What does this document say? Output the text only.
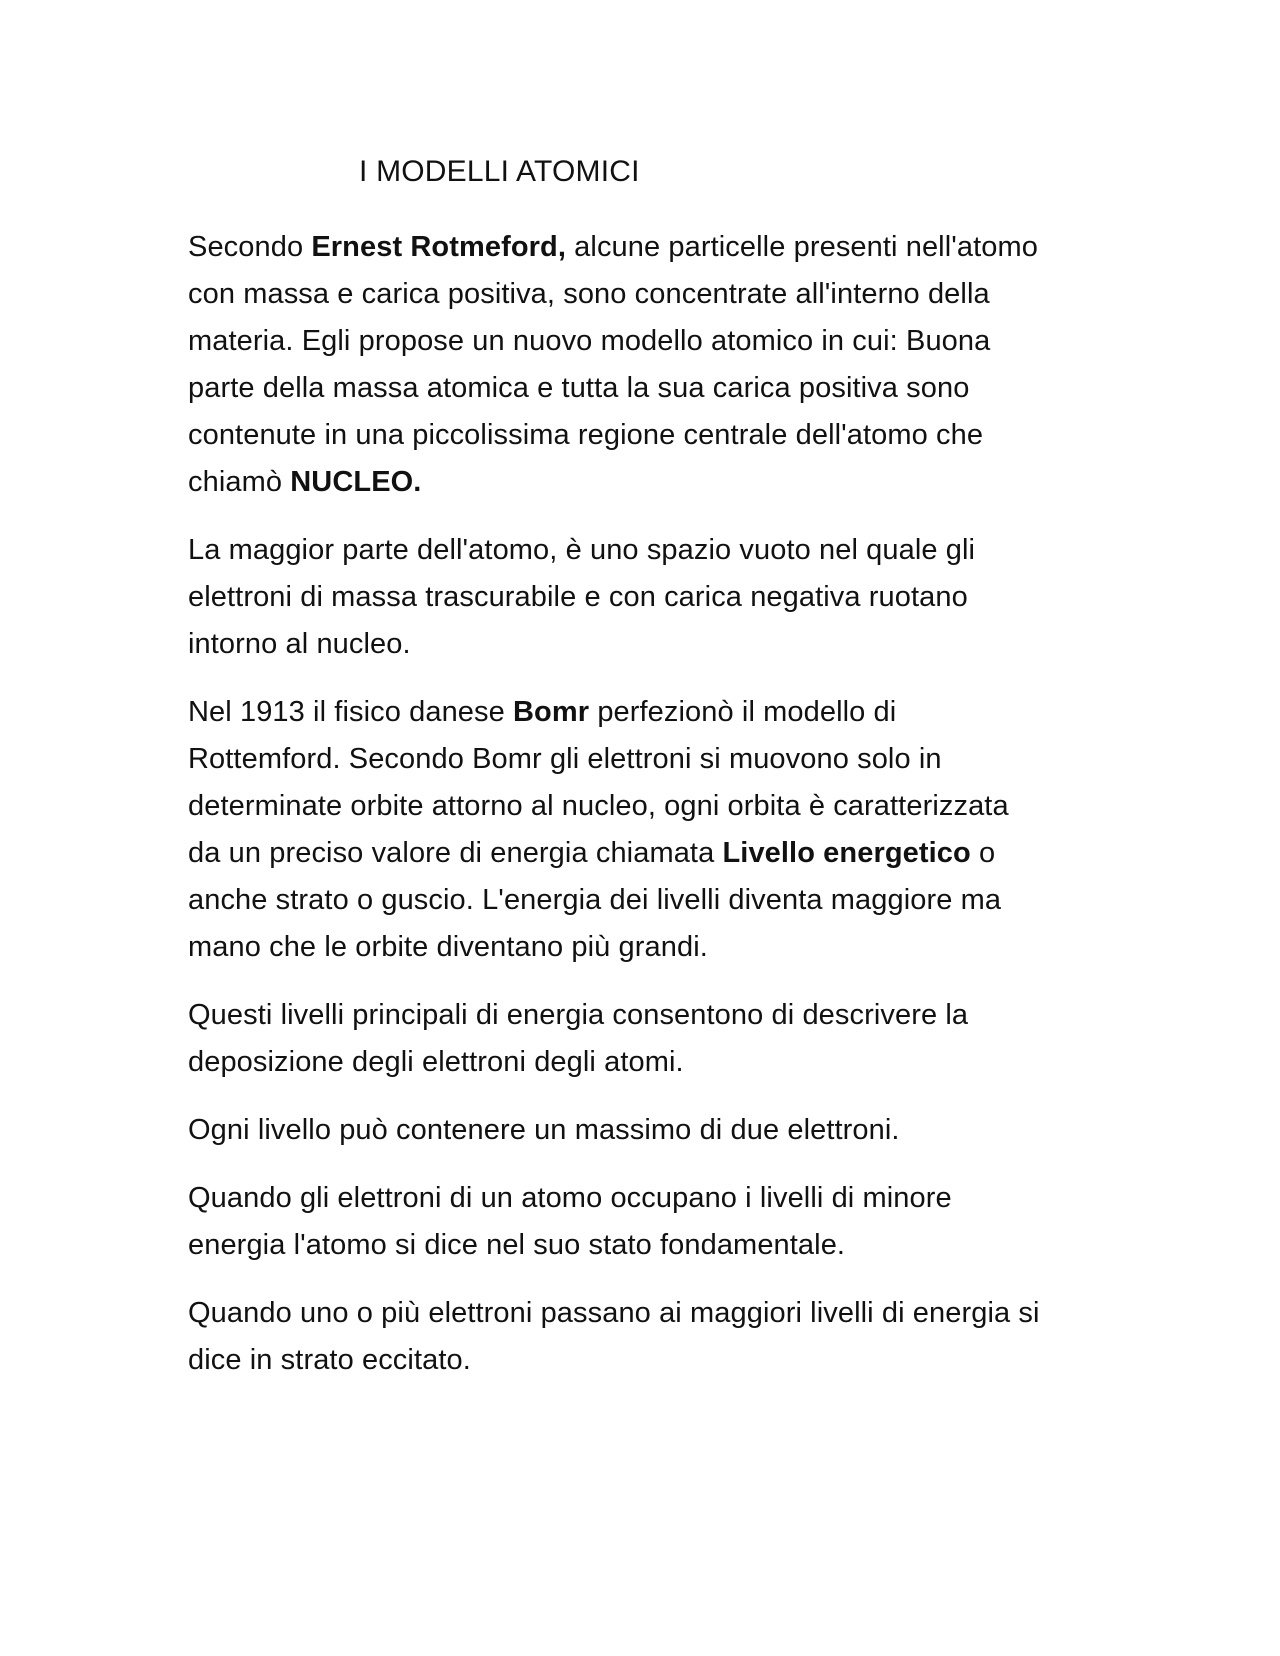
I MODELLI ATOMICI

Secondo Ernest Rotmeford, alcune particelle presenti nell'atomo
con massa e carica positiva, sono concentrate all'interno della
materia. Egli propose un nuovo modello atomico in cui: Buona
parte della massa atomica e tutta la sua carica positiva sono
contenute in una piccolissima regione centrale dell'atomo che
chiamò NUCLEO.

La maggior parte dell'atomo, è uno spazio vuoto nel quale gli
elettroni di massa trascurabile e con carica negativa ruotano
intorno al nucleo.

Nel 1913 il fisico danese Bomr perfezionò il modello di
Rottemford. Secondo Bomr gli elettroni si muovono solo in
determinate orbite attorno al nucleo, ogni orbita è caratterizzata
da un preciso valore di energia chiamata Livello energetico o
anche strato o guscio. L'energia dei livelli diventa maggiore ma
mano che le orbite diventano più grandi.

Questi livelli principali di energia consentono di descrivere la
deposizione degli elettroni degli atomi.

Ogni livello può contenere un massimo di due elettroni.

Quando gli elettroni di un atomo occupano i livelli di minore
energia l'atomo si dice nel suo stato fondamentale.

Quando uno o più elettroni passano ai maggiori livelli di energia si
dice in strato eccitato.
